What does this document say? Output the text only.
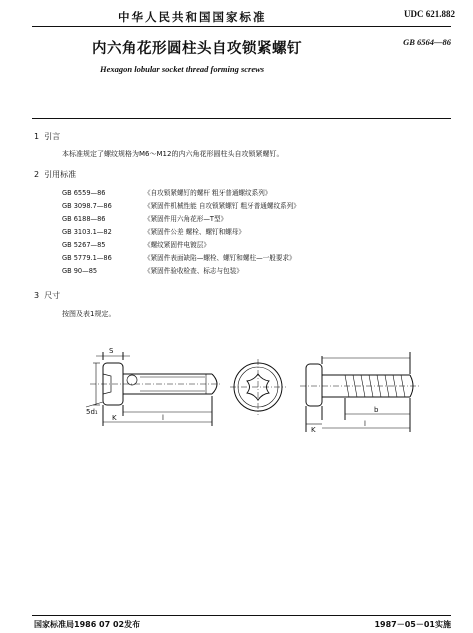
中华人民共和国国家标准	UDC 621.882
内六角花形圆柱头自攻锁紧螺钉	GB 6564—86
Hexagon lobular socket thread forming screws
1 引言
本标准规定了螺纹规格为M6～M12的内六角花形圆柱头自攻锁紧螺钉。
2 引用标准
GB 6559—86	《自攻锁紧螺钉的螺杆 粗牙普通螺纹系列》
GB 3098.7—86	《紧固件机械性能 自攻锁紧螺钉 粗牙普通螺纹系列》
GB 6188—86	《紧固件用六角花形—T型》
GB 3103.1—82	《紧固件公差 螺栓、螺钉和螺母》
GB 5267—85	《螺纹紧固件电镀层》
GB 5779.1—86	《紧固件表面缺陷—螺栓、螺钉和螺柱—一般要求》
GB 90—85	《紧固件验收检查、标志与包装》
3 尺寸
按图及表1规定。
5d₁
K	l
S
K
b
l
国家标准局1986 07 02发布	1987－05－01实施
